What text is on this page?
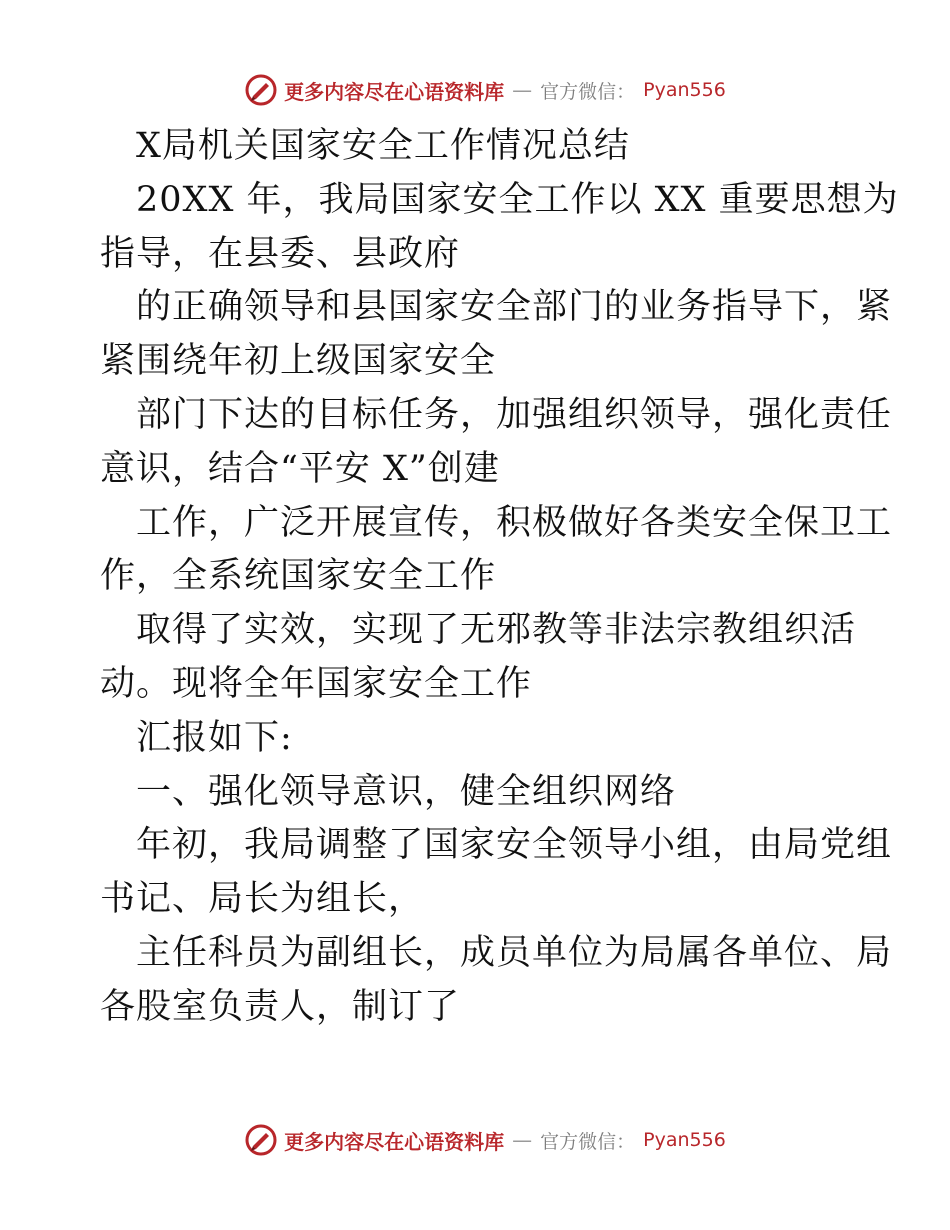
更多内容尽在心语资料库 — 官方微信： Pyan556
X局机关国家安全工作情况总结
20XX 年，我局国家安全工作以 XX 重要思想为
指导，在县委、县政府
的正确领导和县国家安全部门的业务指导下，紧
紧围绕年初上级国家安全
部门下达的目标任务，加强组织领导，强化责任
意识，结合“平安 X”创建
工作，广泛开展宣传，积极做好各类安全保卫工
作，全系统国家安全工作
取得了实效，实现了无邪教等非法宗教组织活
动。现将全年国家安全工作
汇报如下:
一、强化领导意识，健全组织网络
年初，我局调整了国家安全领导小组，由局党组
书记、局长为组长，
主任科员为副组长，成员单位为局属各单位、局
各股室负责人，制订了
更多内容尽在心语资料库 — 官方微信： Pyan556
